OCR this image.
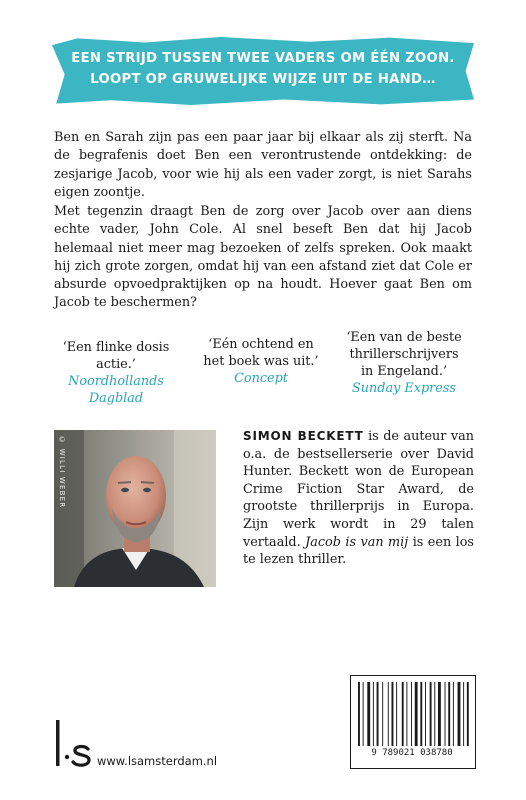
EEN STRIJD TUSSEN TWEE VADERS OM ÉÉN ZOON.
LOOPT OP GRUWELIJKE WIJZE UIT DE HAND…

Ben en Sarah zijn pas een paar jaar bij elkaar als zij sterft. Na de begrafenis doet Ben een verontrustende ontdekking: de zesjarige Jacob, voor wie hij als een vader zorgt, is niet Sarahs eigen zoontje.

Met tegenzin draagt Ben de zorg over Jacob over aan diens echte vader, John Cole. Al snel beseft Ben dat hij Jacob helemaal niet meer mag bezoeken of zelfs spreken. Ook maakt hij zich grote zorgen, omdat hij van een afstand ziet dat Cole er absurde opvoedpraktijken op na houdt. Hoever gaat Ben om Jacob te beschermen?

‘Een flinke dosis actie.’
Noordhollands
Dagblad
‘Eén ochtend en
het boek was uit.’
Concept
‘Een van de beste
thrillerschrijvers
in Engeland.’
Sunday Express
© WILLI WEBER	SIMON BECKETT is de auteur van o.a. de bestsellerserie over David Hunter. Beckett won de European Crime Fiction Star Award, de grootste thrillerprijs in Europa. Zijn werk wordt in 29 talen vertaald. Jacob is van mij is een los te lezen thriller.

9 789021 038780
www.lsamsterdam.nl
